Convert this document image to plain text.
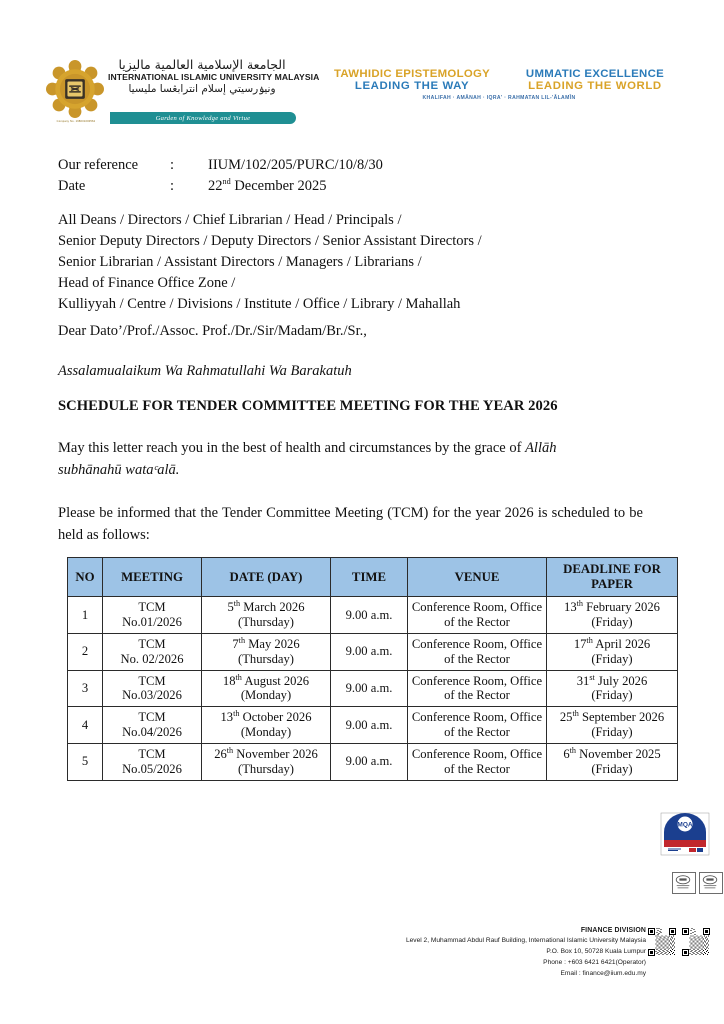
Company No. 198001000562
الجامعة الإسلامية العالمية ماليزيا
INTERNATIONAL ISLAMIC UNIVERSITY MALAYSIA
ونيۏرسيتي إسلام انترابڠسا مليسيا
Garden of Knowledge and Virtue
TAWHIDIC EPISTEMOLOGY
LEADING THE WAY
UMMATIC EXCELLENCE
LEADING THE WORLD
KHALIFAH · AMĀNAH · IQRA' · RAHMATAN LIL-'ĀLAMĪN
Our reference	:	IIUM/102/205/PURC/10/8/30
Date	:	22nd December 2025
All Deans / Directors / Chief Librarian / Head / Principals /
Senior Deputy Directors / Deputy Directors / Senior Assistant Directors /
Senior Librarian / Assistant Directors / Managers / Librarians /
Head of Finance Office Zone /
Kulliyyah / Centre / Divisions / Institute / Office / Library / Mahallah
Dear Dato’/Prof./Assoc. Prof./Dr./Sir/Madam/Br./Sr.,
Assalamualaikum Wa Rahmatullahi Wa Barakatuh
SCHEDULE FOR TENDER COMMITTEE MEETING FOR THE YEAR 2026
May this letter reach you in the best of health and circumstances by the grace of Allāh
subhānahū wataᶜalā.
Please be informed that the Tender Committee Meeting (TCM) for the year 2026 is scheduled to be held as follows:
NO	MEETING	DATE (DAY)	TIME	VENUE	DEADLINE FOR PAPER
1	TCM
No.01/2026	5th March 2026
(Thursday)	9.00 a.m.	Conference Room, Office of the Rector	13th February 2026
(Friday)
2	TCM
No. 02/2026	7th May 2026
(Thursday)	9.00 a.m.	Conference Room, Office of the Rector	17th April 2026
(Friday)
3	TCM
No.03/2026	18th August 2026
(Monday)	9.00 a.m.	Conference Room, Office of the Rector	31st July 2026
(Friday)
4	TCM
No.04/2026	13th October 2026
(Monday)	9.00 a.m.	Conference Room, Office of the Rector	25th September 2026
(Friday)
5	TCM
No.05/2026	26th November 2026
(Thursday)	9.00 a.m.	Conference Room, Office of the Rector	6th November 2025
(Friday)
MQA
FINANCE DIVISION
Level 2, Muhammad Abdul Rauf Building, International Islamic University Malaysia
P.O. Box 10, 50728 Kuala Lumpur
Phone : +603 6421 6421(Operator)
Email : finance@iium.edu.my
